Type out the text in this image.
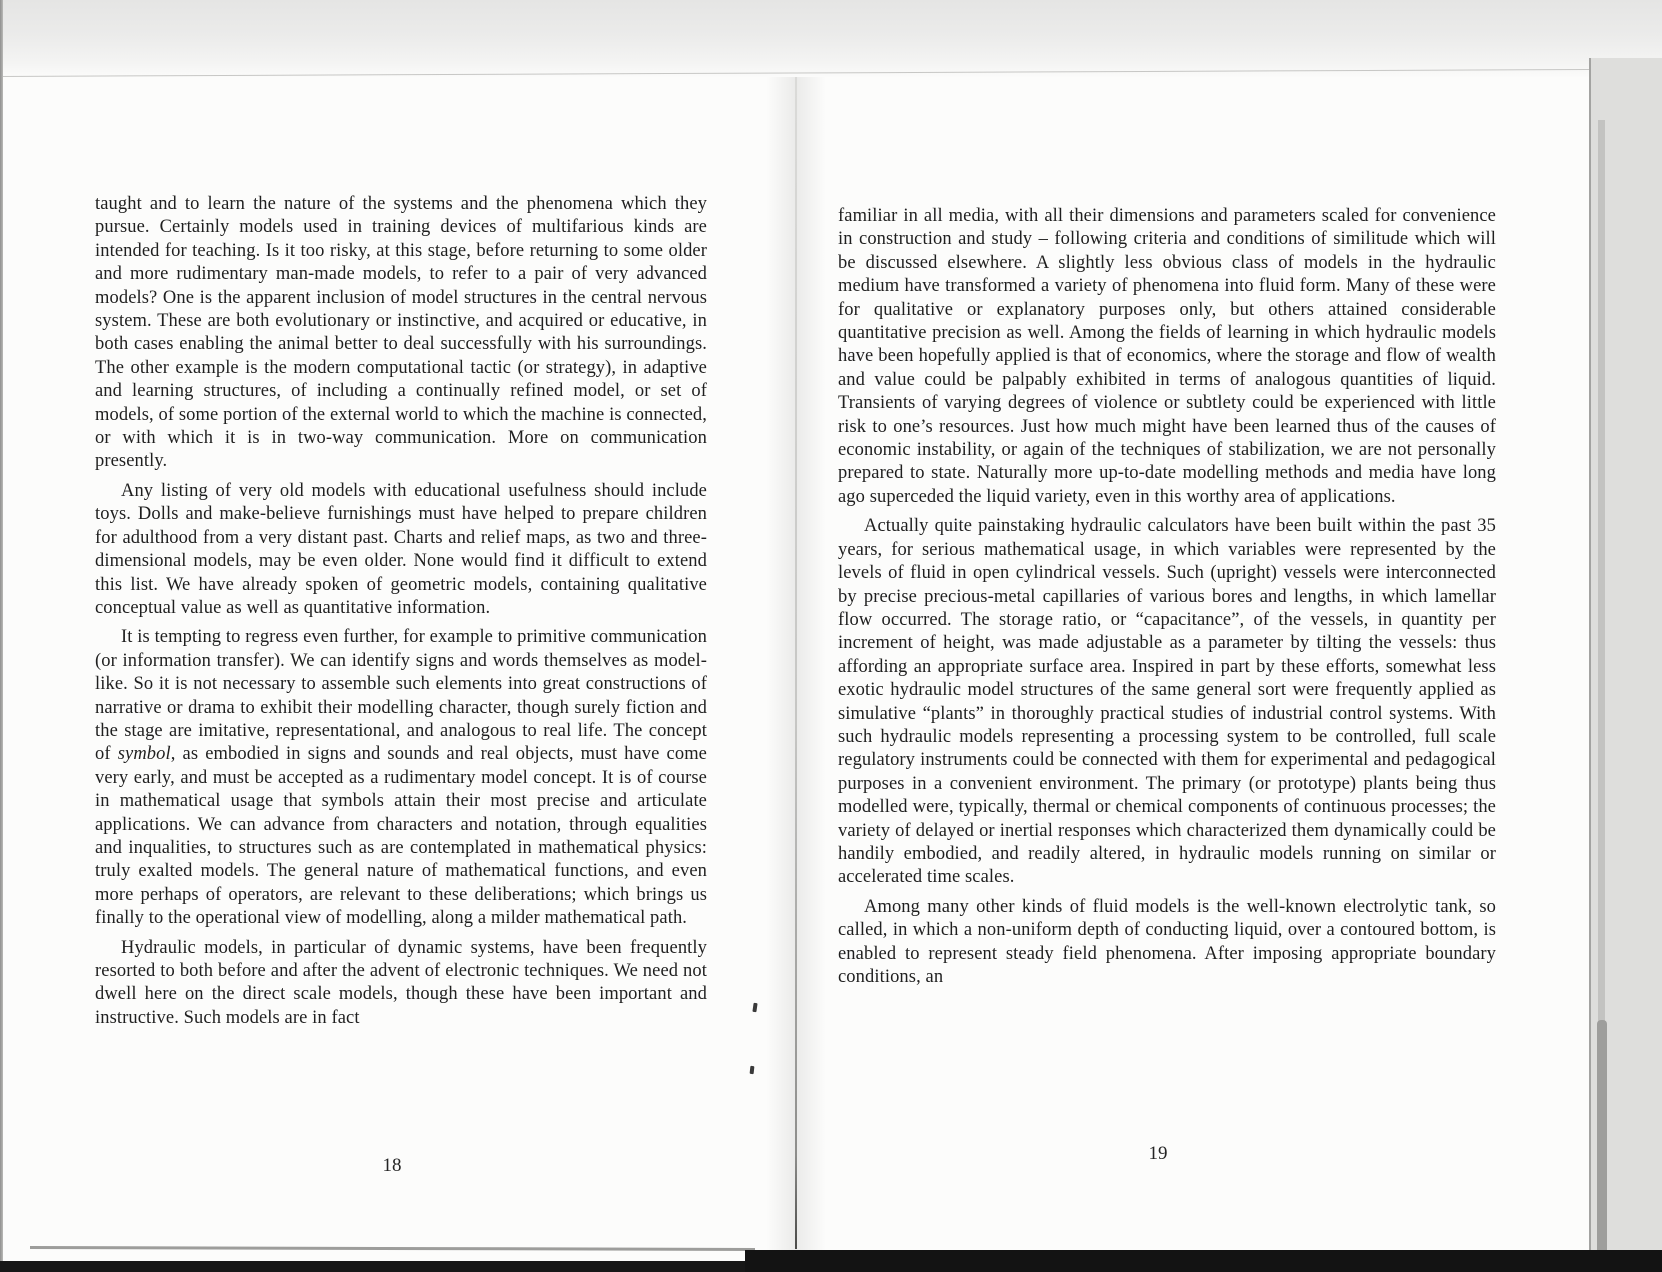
taught and to learn the nature of the systems and the phenomena which they pursue. Certainly models used in training devices of multifarious kinds are intended for teaching. Is it too risky, at this stage, before returning to some older and more rudimentary man-made models, to refer to a pair of very advanced models? One is the apparent inclusion of model structures in the central nervous system. These are both evolutionary or instinctive, and acquired or educative, in both cases enabling the animal better to deal successfully with his surroundings. The other example is the modern computational tactic (or strategy), in adaptive and learning structures, of including a continually refined model, or set of models, of some portion of the external world to which the machine is connected, or with which it is in two-way communication. More on communication presently.

Any listing of very old models with educational usefulness should include toys. Dolls and make-believe furnishings must have helped to prepare children for adulthood from a very distant past. Charts and relief maps, as two and three-dimensional models, may be even older. None would find it difficult to extend this list. We have already spoken of geometric models, containing qualitative conceptual value as well as quantitative information.

It is tempting to regress even further, for example to primitive communication (or information transfer). We can identify signs and words themselves as model-like. So it is not necessary to assemble such elements into great constructions of narrative or drama to exhibit their modelling character, though surely fiction and the stage are imitative, representational, and analogous to real life. The concept of symbol, as embodied in signs and sounds and real objects, must have come very early, and must be accepted as a rudimentary model concept. It is of course in mathematical usage that symbols attain their most precise and articulate applications. We can advance from characters and notation, through equalities and inqualities, to structures such as are contemplated in mathematical physics: truly exalted models. The general nature of mathematical functions, and even more perhaps of operators, are relevant to these deliberations; which brings us finally to the operational view of modelling, along a milder mathematical path.

Hydraulic models, in particular of dynamic systems, have been frequently resorted to both before and after the advent of electronic techniques. We need not dwell here on the direct scale models, though these have been important and instructive. Such models are in fact

familiar in all media, with all their dimensions and parameters scaled for convenience in construction and study – following criteria and conditions of similitude which will be discussed elsewhere. A slightly less obvious class of models in the hydraulic medium have transformed a variety of phenomena into fluid form. Many of these were for qualitative or explanatory purposes only, but others attained considerable quantitative precision as well. Among the fields of learning in which hydraulic models have been hopefully applied is that of economics, where the storage and flow of wealth and value could be palpably exhibited in terms of analogous quantities of liquid. Transients of varying degrees of violence or subtlety could be experienced with little risk to one’s resources. Just how much might have been learned thus of the causes of economic instability, or again of the techniques of stabilization, we are not personally prepared to state. Naturally more up-to-date modelling methods and media have long ago superceded the liquid variety, even in this worthy area of applications.

Actually quite painstaking hydraulic calculators have been built within the past 35 years, for serious mathematical usage, in which variables were represented by the levels of fluid in open cylindrical vessels. Such (upright) vessels were interconnected by precise precious-metal capillaries of various bores and lengths, in which lamellar flow occurred. The storage ratio, or “capacitance”, of the vessels, in quantity per increment of height, was made adjustable as a parameter by tilting the vessels: thus affording an appropriate surface area. Inspired in part by these efforts, somewhat less exotic hydraulic model structures of the same general sort were frequently applied as simulative “plants” in thoroughly practical studies of industrial control systems. With such hydraulic models representing a processing system to be controlled, full scale regulatory instruments could be connected with them for experimental and pedagogical purposes in a convenient environment. The primary (or prototype) plants being thus modelled were, typically, thermal or chemical components of continuous processes; the variety of delayed or inertial responses which characterized them dynamically could be handily embodied, and readily altered, in hydraulic models running on similar or accelerated time scales.

Among many other kinds of fluid models is the well-known electrolytic tank, so called, in which a non-uniform depth of conducting liquid, over a contoured bottom, is enabled to represent steady field phenomena. After imposing appropriate boundary conditions, an

18
19
